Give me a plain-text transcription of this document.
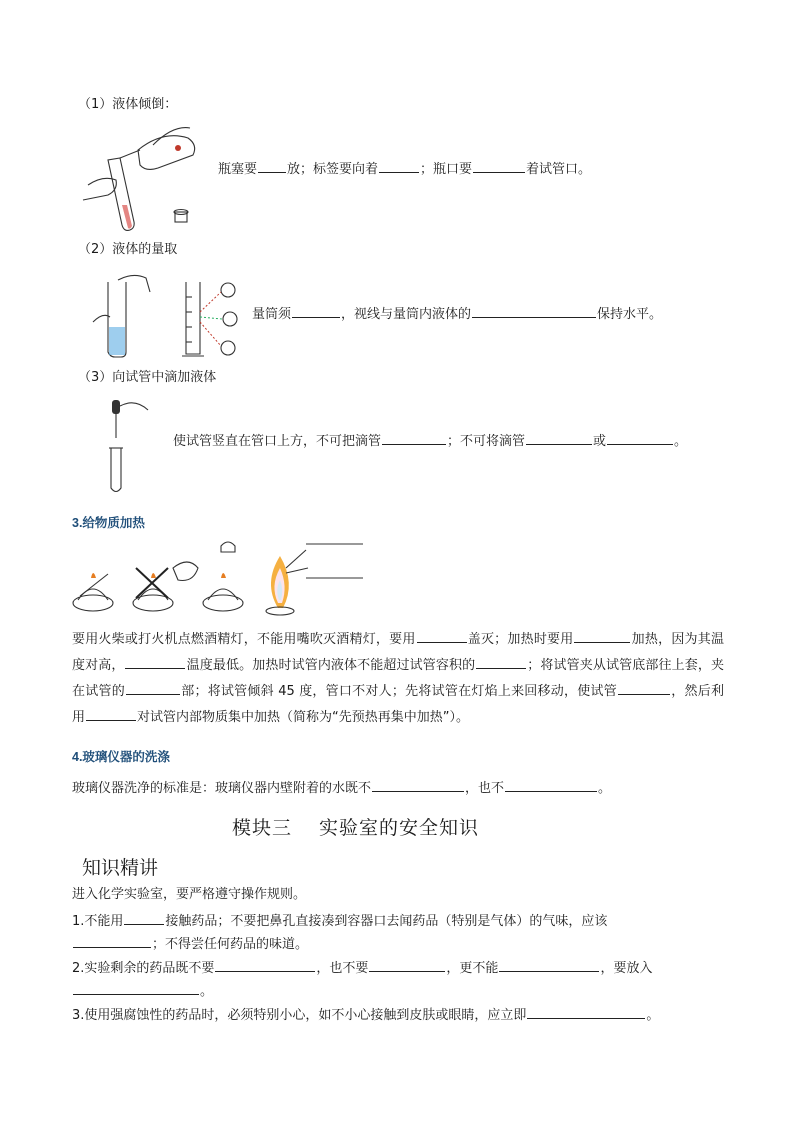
（1）液体倾倒：
瓶塞要 放；标签要向着	；瓶口要	着试管口。
（2）液体的量取
量筒须	，视线与量筒内液体的	保持水平。
（3）向试管中滴加液体
使试管竖直在管口上方，不可把滴管	；不可将滴管	或	。
3.给物质加热
要用火柴或打火机点燃酒精灯，不能用嘴吹灭酒精灯，要用	盖灭；加热时要用	加热，因为其温度对高，	温度最低。加热时试管内液体不能超过试管容积的	；将试管夹从试管底部往上套，夹在试管的	部；将试管倾斜 45 度，管口不对人；先将试管在灯焰上来回移动，使试管	，然后利用	对试管内部物质集中加热（简称为“先预热再集中加热”）。
4.玻璃仪器的洗涤
玻璃仪器洗净的标准是：玻璃仪器内壁附着的水既不	，也不	。
模块三　 实验室的安全知识
知识精讲
进入化学实验室，要严格遵守操作规则。
1.不能用	接触药品；不要把鼻孔直接凑到容器口去闻药品（特别是气体）的气味，应该
；不得尝任何药品的味道。
2.实验剩余的药品既不要	，也不要	，更不能	，要放入
。
3.使用强腐蚀性的药品时，必须特别小心，如不小心接触到皮肤或眼睛，应立即	。
